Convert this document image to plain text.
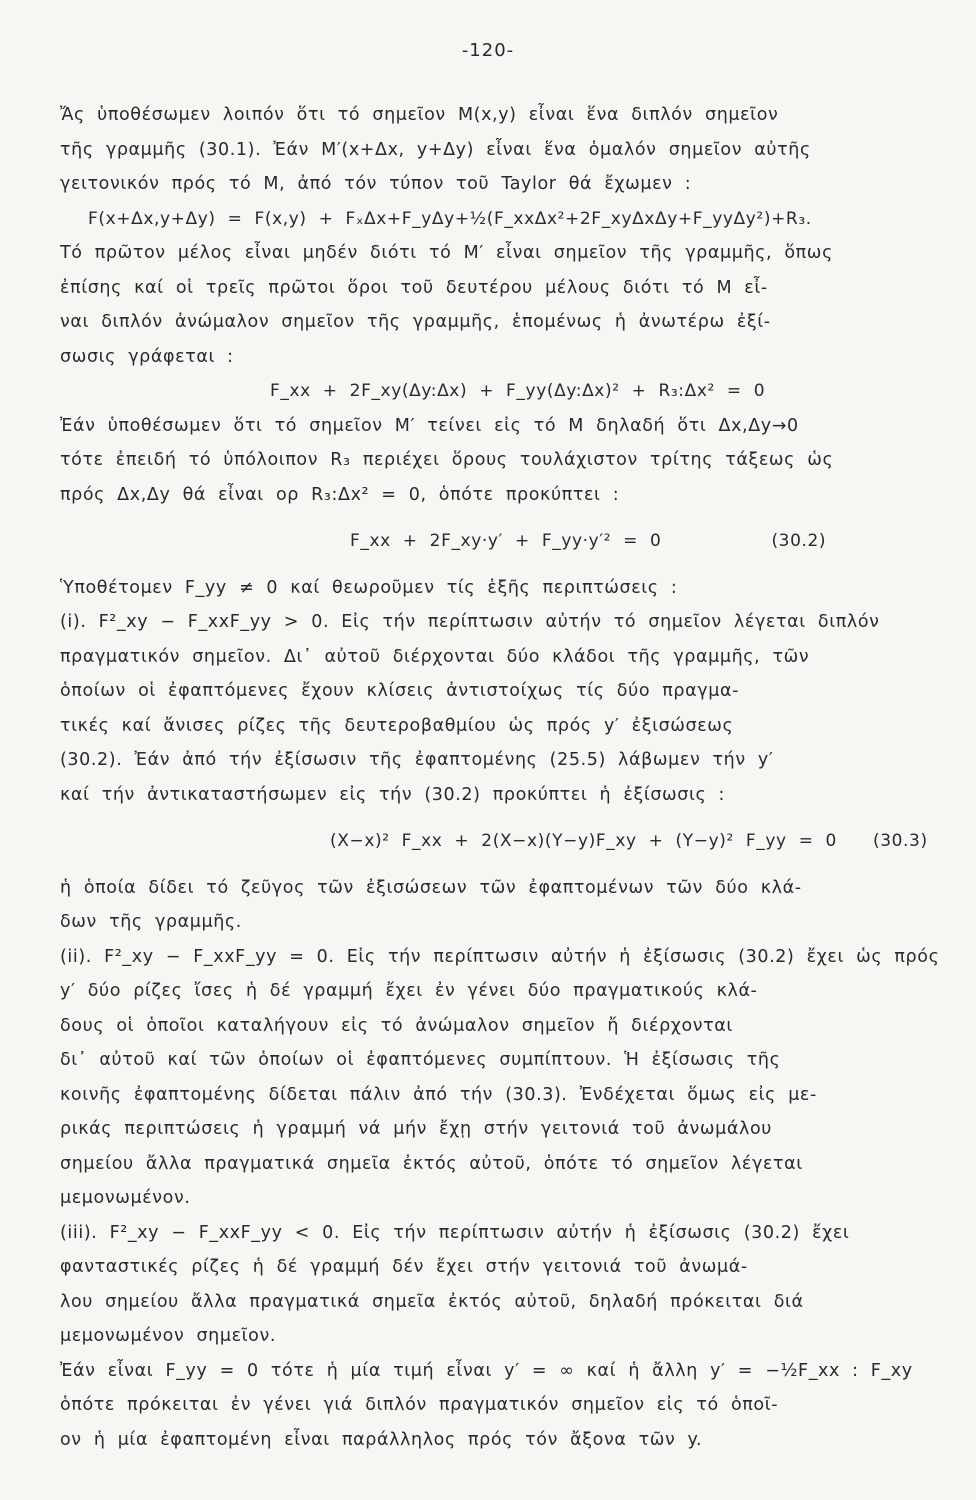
-120-
Ἄς ὑποθέσωμεν λοιπόν ὅτι τό σημεῖον M(x,y) εἶναι ἕνα διπλόν σημεῖον
τῆς γραμμῆς (30.1). Ἐάν M′(x+Δx, y+Δy) εἶναι ἕνα ὁμαλόν σημεῖον αὐτῆς
γειτονικόν πρός τό M, ἀπό τόν τύπον τοῦ Taylor θά ἔχωμεν :
F(x+Δx,y+Δy) = F(x,y) + FₓΔx+F_yΔy+½(F_xxΔx²+2F_xyΔxΔy+F_yyΔy²)+R₃.
Τό πρῶτον μέλος εἶναι μηδέν διότι τό M′ εἶναι σημεῖον τῆς γραμμῆς, ὅπως
ἐπίσης καί οἱ τρεῖς πρῶτοι ὅροι τοῦ δευτέρου μέλους διότι τό M εἶ-
ναι διπλόν ἀνώμαλον σημεῖον τῆς γραμμῆς, ἑπομένως ἡ ἀνωτέρω ἐξί-
σωσις γράφεται :
F_xx + 2F_xy(Δy:Δx) + F_yy(Δy:Δx)² + R₃:Δx² = 0
Ἐάν ὑποθέσωμεν ὅτι τό σημεῖον M′ τείνει εἰς τό M δηλαδή ὅτι Δx,Δy→0
τότε ἐπειδή τό ὑπόλοιπον R₃ περιέχει ὅρους τουλάχιστον τρίτης τάξεως ὡς
πρός Δx,Δy θά εἶναι ορ R₃:Δx² = 0, ὁπότε προκύπτει :
F_xx + 2F_xy·y′ + F_yy·y′² = 0	(30.2)
Ὑποθέτομεν F_yy ≠ 0 καί θεωροῦμεν τίς ἑξῆς περιπτώσεις :
(i). F²_xy − F_xxF_yy > 0. Εἰς τήν περίπτωσιν αὐτήν τό σημεῖον λέγεται διπλόν
πραγματικόν σημεῖον. Δι᾽ αὐτοῦ διέρχονται δύο κλάδοι τῆς γραμμῆς, τῶν
ὁποίων οἱ ἐφαπτόμενες ἔχουν κλίσεις ἀντιστοίχως τίς δύο πραγμα-
τικές καί ἄνισες ρίζες τῆς δευτεροβαθμίου ὡς πρός y′ ἐξισώσεως
(30.2). Ἐάν ἀπό τήν ἐξίσωσιν τῆς ἐφαπτομένης (25.5) λάβωμεν τήν y′
καί τήν ἀντικαταστήσωμεν εἰς τήν (30.2) προκύπτει ἡ ἐξίσωσις :
(X−x)² F_xx + 2(X−x)(Y−y)F_xy + (Y−y)² F_yy = 0 (30.3)
ἡ ὁποία δίδει τό ζεῦγος τῶν ἐξισώσεων τῶν ἐφαπτομένων τῶν δύο κλά-
δων τῆς γραμμῆς.
(ii). F²_xy − F_xxF_yy = 0. Εἰς τήν περίπτωσιν αὐτήν ἡ ἐξίσωσις (30.2) ἔχει ὡς πρός
y′ δύο ρίζες ἴσες ἡ δέ γραμμή ἔχει ἐν γένει δύο πραγματικούς κλά-
δους οἱ ὁποῖοι καταλήγουν εἰς τό ἀνώμαλον σημεῖον ἤ διέρχονται
δι᾽ αὐτοῦ καί τῶν ὁποίων οἱ ἐφαπτόμενες συμπίπτουν. Ἡ ἐξίσωσις τῆς
κοινῆς ἐφαπτομένης δίδεται πάλιν ἀπό τήν (30.3). Ἐνδέχεται ὅμως εἰς με-
ρικάς περιπτώσεις ἡ γραμμή νά μήν ἔχῃ στήν γειτονιά τοῦ ἀνωμάλου
σημείου ἄλλα πραγματικά σημεῖα ἐκτός αὐτοῦ, ὁπότε τό σημεῖον λέγεται
μεμονωμένον.
(iii). F²_xy − F_xxF_yy < 0. Εἰς τήν περίπτωσιν αὐτήν ἡ ἐξίσωσις (30.2) ἔχει
φανταστικές ρίζες ἡ δέ γραμμή δέν ἔχει στήν γειτονιά τοῦ ἀνωμά-
λου σημείου ἄλλα πραγματικά σημεῖα ἐκτός αὐτοῦ, δηλαδή πρόκειται διά
μεμονωμένον σημεῖον.
Ἐάν εἶναι F_yy = 0 τότε ἡ μία τιμή εἶναι y′ = ∞ καί ἡ ἄλλη y′ = −½F_xx : F_xy
ὁπότε πρόκειται ἐν γένει γιά διπλόν πραγματικόν σημεῖον εἰς τό ὁποῖ-
ον ἡ μία ἐφαπτομένη εἶναι παράλληλος πρός τόν ἄξονα τῶν y.
